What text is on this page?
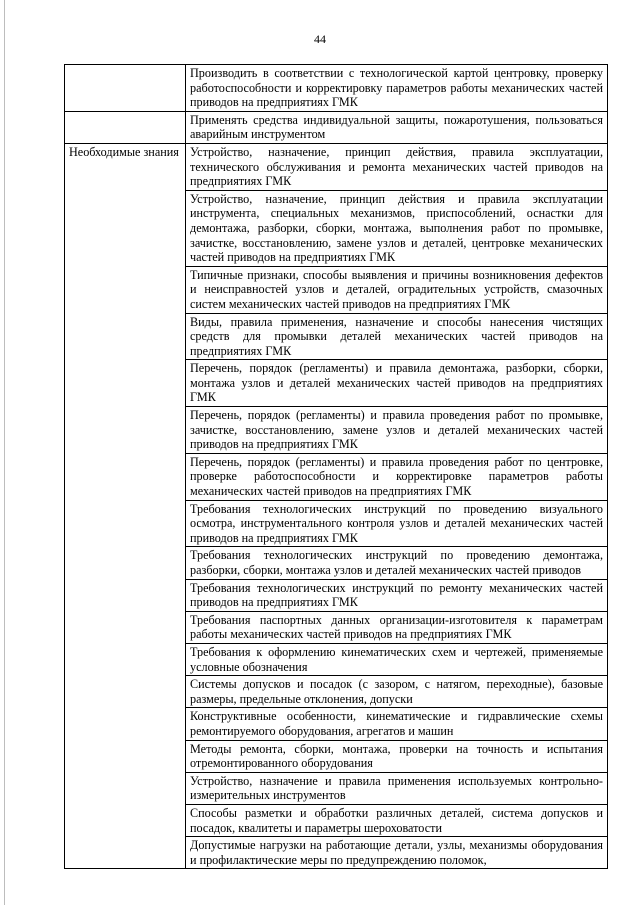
44
	Производить в соответствии с технологической картой центровку, проверку работоспособности и корректировку параметров работы механических частей приводов на предприятиях ГМК
	Применять средства индивидуальной защиты, пожаротушения, пользоваться аварийным инструментом
Необходимые знания	Устройство, назначение, принцип действия, правила эксплуатации, технического обслуживания и ремонта механических частей приводов на предприятиях ГМК
	Устройство, назначение, принцип действия и правила эксплуатации инструмента, специальных механизмов, приспособлений, оснастки для демонтажа, разборки, сборки, монтажа, выполнения работ по промывке, зачистке, восстановлению, замене узлов и деталей, центровке механических частей приводов на предприятиях ГМК
	Типичные признаки, способы выявления и причины возникновения дефектов и неисправностей узлов и деталей, оградительных устройств, смазочных систем механических частей приводов на предприятиях ГМК
	Виды, правила применения, назначение и способы нанесения чистящих средств для промывки деталей механических частей приводов на предприятиях ГМК
	Перечень, порядок (регламенты) и правила демонтажа, разборки, сборки, монтажа узлов и деталей механических частей приводов на предприятиях ГМК
	Перечень, порядок (регламенты) и правила проведения работ по промывке, зачистке, восстановлению, замене узлов и деталей механических частей приводов на предприятиях ГМК
	Перечень, порядок (регламенты) и правила проведения работ по центровке, проверке работоспособности и корректировке параметров работы механических частей приводов на предприятиях ГМК
	Требования технологических инструкций по проведению визуального осмотра, инструментального контроля узлов и деталей механических частей приводов на предприятиях ГМК
	Требования технологических инструкций по проведению демонтажа, разборки, сборки, монтажа узлов и деталей механических частей приводов
	Требования технологических инструкций по ремонту механических частей приводов на предприятиях ГМК
	Требования паспортных данных организации-изготовителя к параметрам работы механических частей приводов на предприятиях ГМК
	Требования к оформлению кинематических схем и чертежей, применяемые условные обозначения
	Системы допусков и посадок (с зазором, с натягом, переходные), базовые размеры, предельные отклонения, допуски
	Конструктивные особенности, кинематические и гидравлические схемы ремонтируемого оборудования, агрегатов и машин
	Методы ремонта, сборки, монтажа, проверки на точность и испытания отремонтированного оборудования
	Устройство, назначение и правила применения используемых контрольно-измерительных инструментов
	Способы разметки и обработки различных деталей, система допусков и посадок, квалитеты и параметры шероховатости
	Допустимые нагрузки на работающие детали, узлы, механизмы оборудования и профилактические меры по предупреждению поломок,
